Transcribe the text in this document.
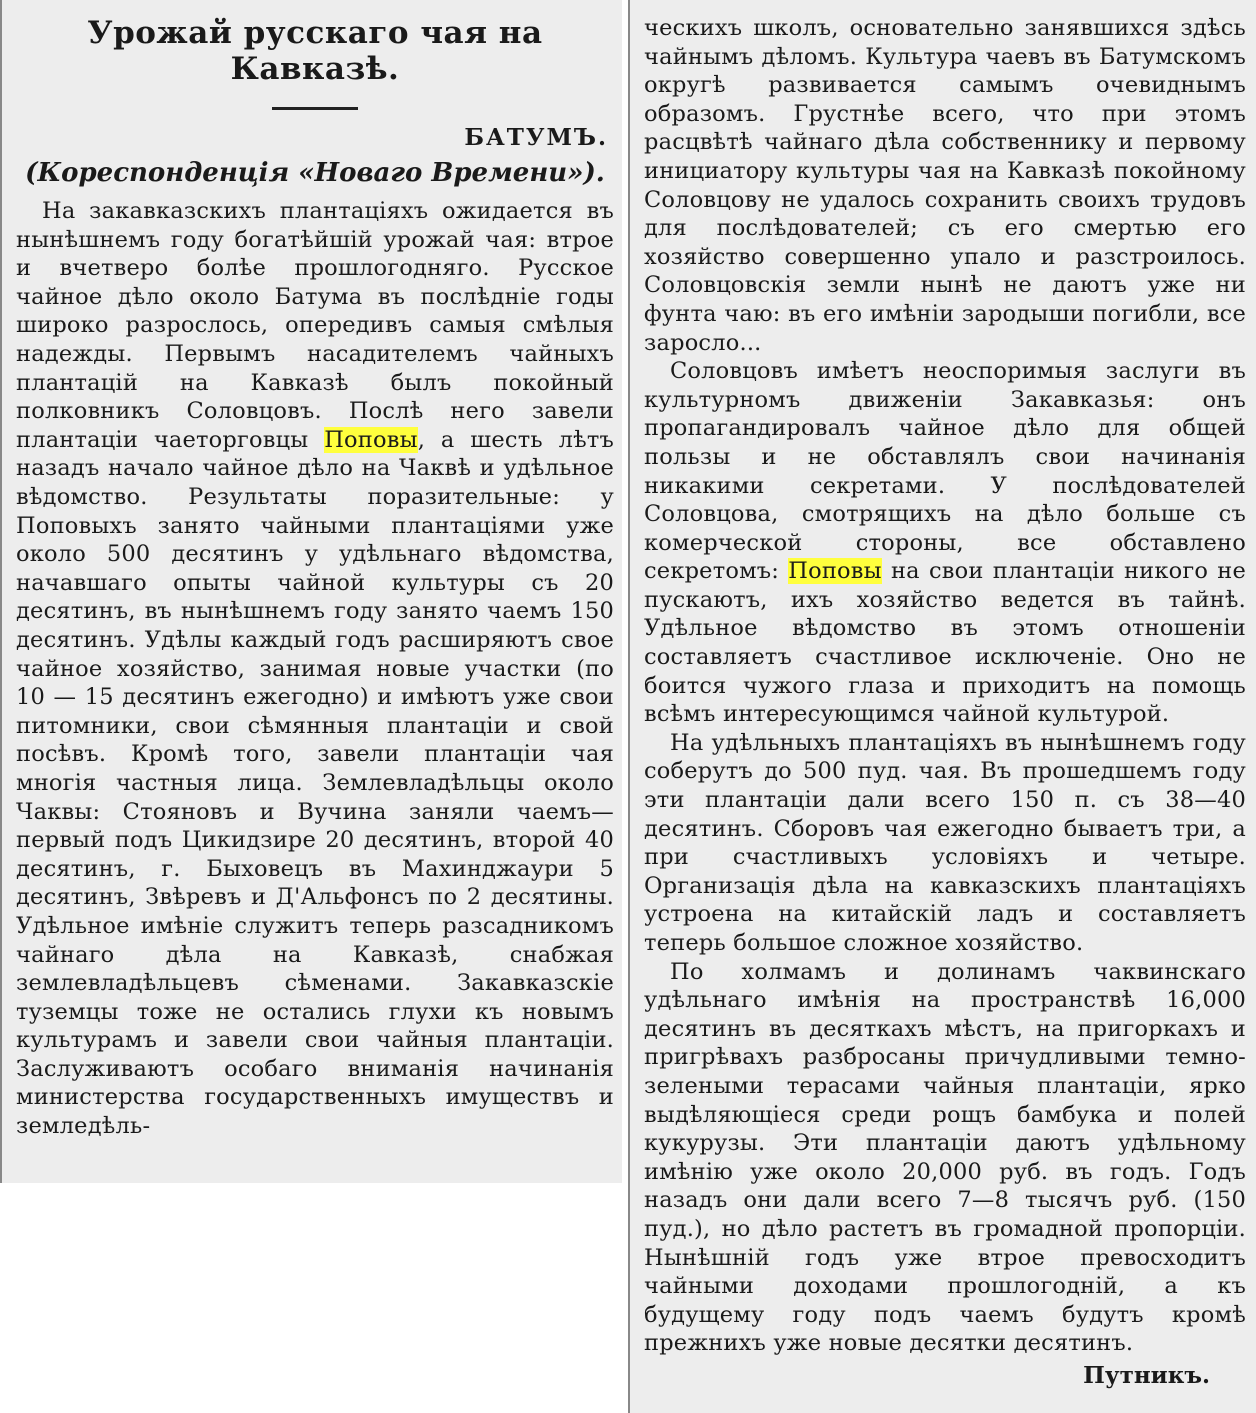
Урожай русскаго чая на Кавказѣ.
БАТУМЪ.
(Кореспонденція «Новаго Времени»).

На закавказскихъ плантаціяхъ ожидается въ нынѣшнемъ году богатѣйшій урожай чая: втрое и вчетверо болѣе прошлогодняго. Русское чайное дѣло около Батума въ послѣдніе годы широко разрослось, опередивъ самыя смѣлыя надежды. Первымъ насадителемъ чайныхъ плантацій на Кавказѣ былъ покойный полковникъ Соловцовъ. Послѣ него завели плантаціи чаеторговцы Поповы, а шесть лѣтъ назадъ начало чайное дѣло на Чаквѣ и удѣльное вѣдомство. Результаты поразительные: у Поповыхъ занято чайными плантаціями уже около 500 десятинъ у удѣльнаго вѣдомства, начавшаго опыты чайной культуры съ 20 десятинъ, въ нынѣшнемъ году занято чаемъ 150 десятинъ. Удѣлы каждый годъ расширяютъ свое чайное хозяйство, занимая новые участки (по 10 — 15 десятинъ ежегодно) и имѣютъ уже свои питомники, свои сѣмянныя плантаціи и свой посѣвъ. Кромѣ того, завели плантаціи чая многія частныя лица. Землевладѣльцы около Чаквы: Стояновъ и Вучина заняли чаемъ—первый подъ Цикидзире 20 десятинъ, второй 40 десятинъ, г. Быховецъ въ Махинджаури 5 десятинъ, Звѣревъ и Д'Альфонсъ по 2 десятины. Удѣльное имѣніе служитъ теперь разсадникомъ чайнаго дѣла на Кавказѣ, снабжая землевладѣльцевъ сѣменами. Закавказскіе туземцы тоже не остались глухи къ новымъ культурамъ и завели свои чайныя плантаціи. Заслуживаютъ особаго вниманія начинанія министерства государственныхъ имуществъ и земледѣль-

ческихъ школъ, основательно занявшихся здѣсь чайнымъ дѣломъ. Культура чаевъ въ Батумскомъ округѣ развивается самымъ очевиднымъ образомъ. Грустнѣе всего, что при этомъ расцвѣтѣ чайнаго дѣла собственнику и первому инициатору культуры чая на Кавказѣ покойному Соловцову не удалось сохранить своихъ трудовъ для послѣдователей; съ его смертью его хозяйство совершенно упало и разстроилось. Соловцовскія земли нынѣ не даютъ уже ни фунта чаю: въ его имѣніи зародыши погибли, все заросло...

Соловцовъ имѣетъ неоспоримыя заслуги въ культурномъ движеніи Закавказья: онъ пропагандировалъ чайное дѣло для общей пользы и не обставлялъ свои начинанія никакими секретами. У послѣдователей Соловцова, смотрящихъ на дѣло больше съ комерческой стороны, все обставлено секретомъ: Поповы на свои плантаціи никого не пускаютъ, ихъ хозяйство ведется въ тайнѣ. Удѣльное вѣдомство въ этомъ отношеніи составляетъ счастливое исключеніе. Оно не боится чужого глаза и приходитъ на помощь всѣмъ интересующимся чайной культурой.

На удѣльныхъ плантаціяхъ въ нынѣшнемъ году соберутъ до 500 пуд. чая. Въ прошедшемъ году эти плантаціи дали всего 150 п. съ 38—40 десятинъ. Сборовъ чая ежегодно бываетъ три, а при счастливыхъ условіяхъ и четыре. Организація дѣла на кавказскихъ плантаціяхъ устроена на китайскій ладъ и составляетъ теперь большое сложное хозяйство.

По холмамъ и долинамъ чаквинскаго удѣльнаго имѣнія на пространствѣ 16,000 десятинъ въ десяткахъ мѣстъ, на пригоркахъ и пригрѣвахъ разбросаны причудливыми темно-зелеными терасами чайныя плантаціи, ярко выдѣляющіеся среди рощъ бамбука и полей кукурузы. Эти плантаціи даютъ удѣльному имѣнію уже около 20,000 руб. въ годъ. Годъ назадъ они дали всего 7—8 тысячъ руб. (150 пуд.), но дѣло растетъ въ громадной пропорціи. Нынѣшній годъ уже втрое превосходитъ чайными доходами прошлогодній, а къ будущему году подъ чаемъ будутъ кромѣ прежнихъ уже новые десятки десятинъ.

Путникъ.
